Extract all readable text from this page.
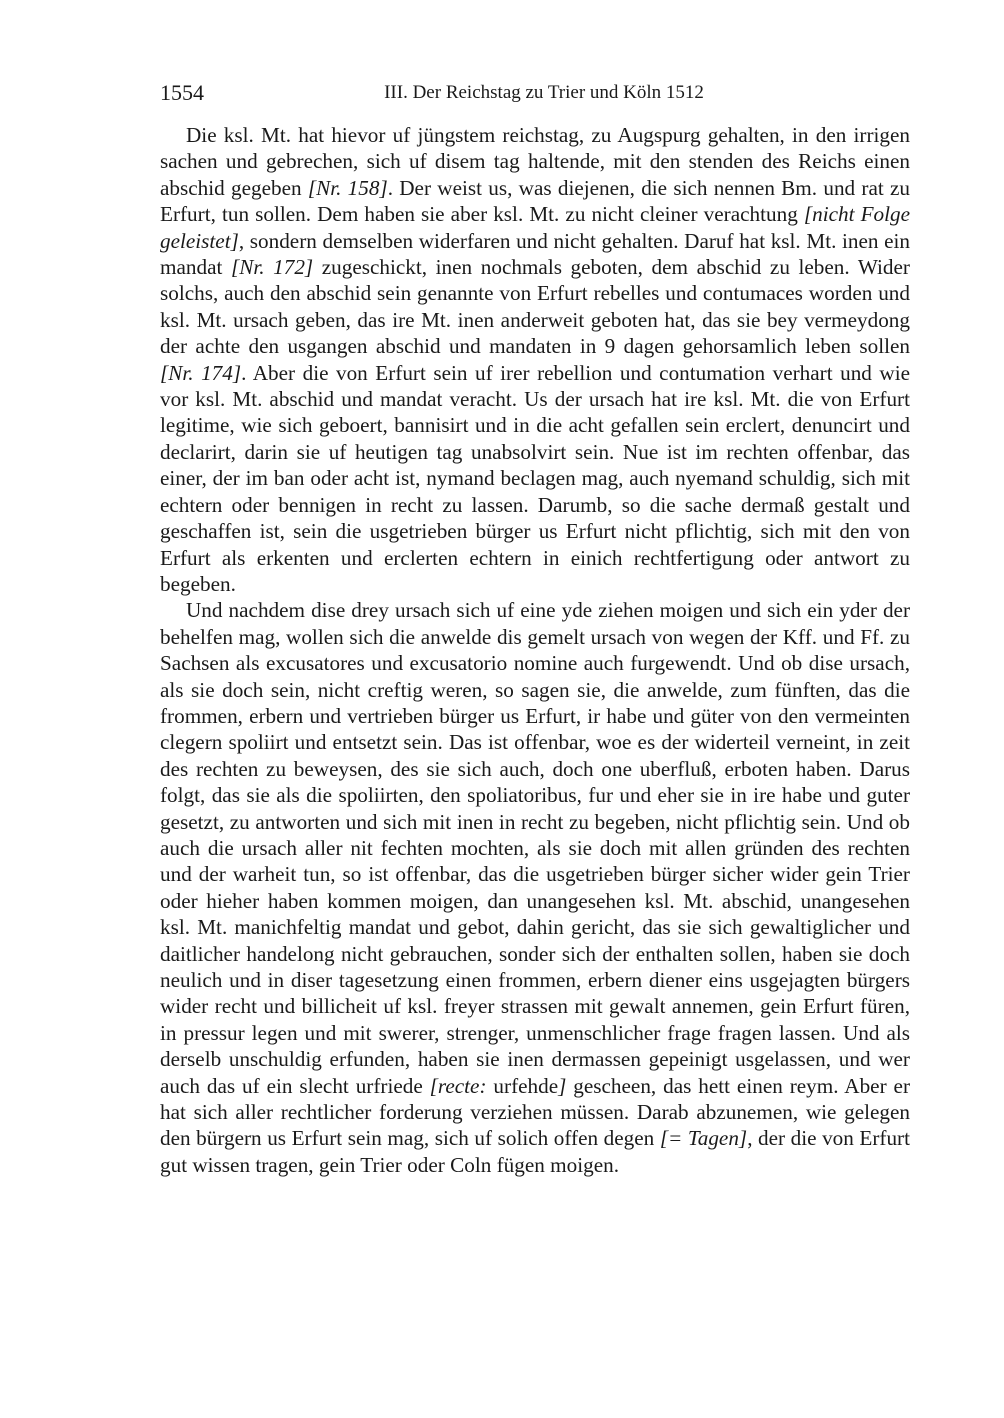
1554	III. Der Reichstag zu Trier und Köln 1512

Die ksl. Mt. hat hievor uf jüngstem reichstag, zu Augspurg gehalten, in den irrigen sachen und gebrechen, sich uf disem tag haltende, mit den stenden des Reichs einen abschid gegeben [Nr. 158]. Der weist us, was diejenen, die sich nennen Bm. und rat zu Erfurt, tun sollen. Dem haben sie aber ksl. Mt. zu nicht cleiner verachtung [nicht Folge geleistet], sondern demselben widerfaren und nicht gehalten. Daruf hat ksl. Mt. inen ein mandat [Nr. 172] zugeschickt, inen nochmals geboten, dem abschid zu leben. Wider solchs, auch den abschid sein genannte von Erfurt rebelles und contumaces worden und ksl. Mt. ursach geben, das ire Mt. inen anderweit geboten hat, das sie bey vermeydong der achte den usgangen abschid und mandaten in 9 dagen gehorsamlich leben sollen [Nr. 174]. Aber die von Erfurt sein uf irer rebellion und contumation verhart und wie vor ksl. Mt. abschid und mandat veracht. Us der ursach hat ire ksl. Mt. die von Erfurt legitime, wie sich geboert, bannisirt und in die acht gefallen sein erclert, denuncirt und declarirt, darin sie uf heutigen tag unabsolvirt sein. Nue ist im rechten offenbar, das einer, der im ban oder acht ist, nymand beclagen mag, auch nyemand schuldig, sich mit echtern oder bennigen in recht zu lassen. Darumb, so die sache dermaß gestalt und geschaffen ist, sein die usgetrieben bürger us Erfurt nicht pflichtig, sich mit den von Erfurt als erkenten und erclerten echtern in einich rechtfertigung oder antwort zu begeben.

Und nachdem dise drey ursach sich uf eine yde ziehen moigen und sich ein yder der behelfen mag, wollen sich die anwelde dis gemelt ursach von wegen der Kff. und Ff. zu Sachsen als excusatores und excusatorio nomine auch furgewendt. Und ob dise ursach, als sie doch sein, nicht creftig weren, so sagen sie, die anwelde, zum fünften, das die frommen, erbern und vertrieben bürger us Erfurt, ir habe und güter von den vermeinten clegern spoliirt und entsetzt sein. Das ist offenbar, woe es der widerteil verneint, in zeit des rechten zu beweysen, des sie sich auch, doch one uberfluß, erboten haben. Darus folgt, das sie als die spoliirten, den spoliatoribus, fur und eher sie in ire habe und guter gesetzt, zu antworten und sich mit inen in recht zu begeben, nicht pflichtig sein. Und ob auch die ursach aller nit fechten mochten, als sie doch mit allen gründen des rechten und der warheit tun, so ist offenbar, das die usgetrieben bürger sicher wider gein Trier oder hieher haben kommen moigen, dan unangesehen ksl. Mt. abschid, unangesehen ksl. Mt. manichfeltig mandat und gebot, dahin gericht, das sie sich gewaltiglicher und daitlicher handelong nicht gebrauchen, sonder sich der enthalten sollen, haben sie doch neulich und in diser tagesetzung einen frommen, erbern diener eins usgejagten bürgers wider recht und billicheit uf ksl. freyer strassen mit gewalt annemen, gein Erfurt füren, in pressur legen und mit swerer, strenger, unmenschlicher frage fragen lassen. Und als derselb unschuldig erfunden, haben sie inen dermassen gepeinigt usgelassen, und wer auch das uf ein slecht urfriede [recte: urfehde] gescheen, das hett einen reym. Aber er hat sich aller rechtlicher forderung verziehen müssen. Darab abzunemen, wie gelegen den bürgern us Erfurt sein mag, sich uf solich offen degen [= Tagen], der die von Erfurt gut wissen tragen, gein Trier oder Coln fügen moigen.
